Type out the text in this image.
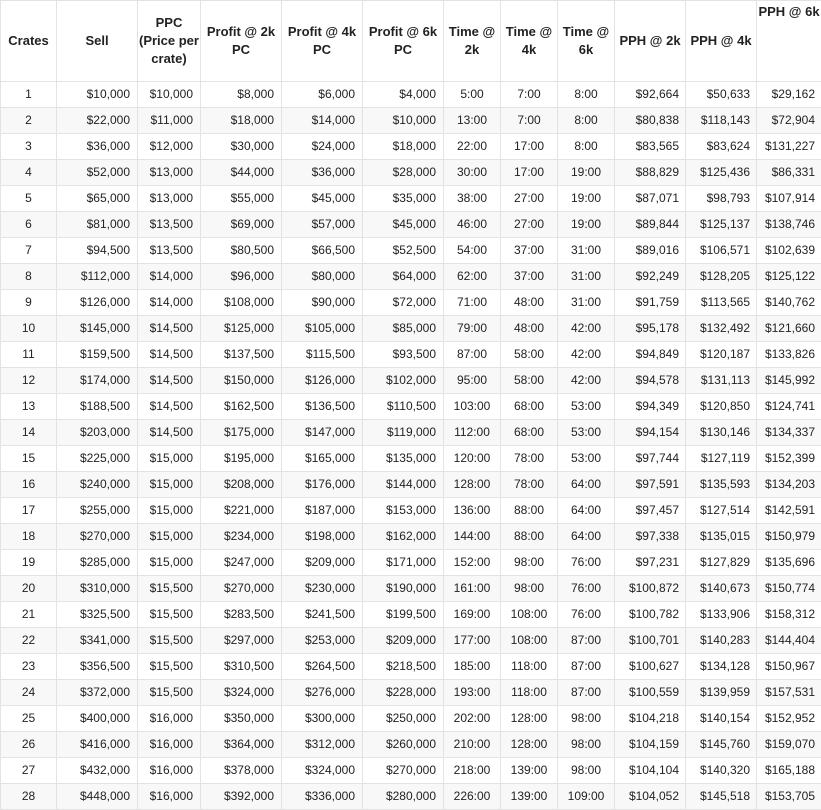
Crates	Sell	PPC (Price per crate)	Profit @ 2k PC	Profit @ 4k PC	Profit @ 6k PC	Time @ 2k	Time @ 4k	Time @ 6k	PPH @ 2k	PPH @ 4k	PPH @ 6k
1	$10,000	$10,000	$8,000	$6,000	$4,000	5:00	7:00	8:00	$92,664	$50,633	$29,162
2	$22,000	$11,000	$18,000	$14,000	$10,000	13:00	7:00	8:00	$80,838	$118,143	$72,904
3	$36,000	$12,000	$30,000	$24,000	$18,000	22:00	17:00	8:00	$83,565	$83,624	$131,227
4	$52,000	$13,000	$44,000	$36,000	$28,000	30:00	17:00	19:00	$88,829	$125,436	$86,331
5	$65,000	$13,000	$55,000	$45,000	$35,000	38:00	27:00	19:00	$87,071	$98,793	$107,914
6	$81,000	$13,500	$69,000	$57,000	$45,000	46:00	27:00	19:00	$89,844	$125,137	$138,746
7	$94,500	$13,500	$80,500	$66,500	$52,500	54:00	37:00	31:00	$89,016	$106,571	$102,639
8	$112,000	$14,000	$96,000	$80,000	$64,000	62:00	37:00	31:00	$92,249	$128,205	$125,122
9	$126,000	$14,000	$108,000	$90,000	$72,000	71:00	48:00	31:00	$91,759	$113,565	$140,762
10	$145,000	$14,500	$125,000	$105,000	$85,000	79:00	48:00	42:00	$95,178	$132,492	$121,660
11	$159,500	$14,500	$137,500	$115,500	$93,500	87:00	58:00	42:00	$94,849	$120,187	$133,826
12	$174,000	$14,500	$150,000	$126,000	$102,000	95:00	58:00	42:00	$94,578	$131,113	$145,992
13	$188,500	$14,500	$162,500	$136,500	$110,500	103:00	68:00	53:00	$94,349	$120,850	$124,741
14	$203,000	$14,500	$175,000	$147,000	$119,000	112:00	68:00	53:00	$94,154	$130,146	$134,337
15	$225,000	$15,000	$195,000	$165,000	$135,000	120:00	78:00	53:00	$97,744	$127,119	$152,399
16	$240,000	$15,000	$208,000	$176,000	$144,000	128:00	78:00	64:00	$97,591	$135,593	$134,203
17	$255,000	$15,000	$221,000	$187,000	$153,000	136:00	88:00	64:00	$97,457	$127,514	$142,591
18	$270,000	$15,000	$234,000	$198,000	$162,000	144:00	88:00	64:00	$97,338	$135,015	$150,979
19	$285,000	$15,000	$247,000	$209,000	$171,000	152:00	98:00	76:00	$97,231	$127,829	$135,696
20	$310,000	$15,500	$270,000	$230,000	$190,000	161:00	98:00	76:00	$100,872	$140,673	$150,774
21	$325,500	$15,500	$283,500	$241,500	$199,500	169:00	108:00	76:00	$100,782	$133,906	$158,312
22	$341,000	$15,500	$297,000	$253,000	$209,000	177:00	108:00	87:00	$100,701	$140,283	$144,404
23	$356,500	$15,500	$310,500	$264,500	$218,500	185:00	118:00	87:00	$100,627	$134,128	$150,967
24	$372,000	$15,500	$324,000	$276,000	$228,000	193:00	118:00	87:00	$100,559	$139,959	$157,531
25	$400,000	$16,000	$350,000	$300,000	$250,000	202:00	128:00	98:00	$104,218	$140,154	$152,952
26	$416,000	$16,000	$364,000	$312,000	$260,000	210:00	128:00	98:00	$104,159	$145,760	$159,070
27	$432,000	$16,000	$378,000	$324,000	$270,000	218:00	139:00	98:00	$104,104	$140,320	$165,188
28	$448,000	$16,000	$392,000	$336,000	$280,000	226:00	139:00	109:00	$104,052	$145,518	$153,705
